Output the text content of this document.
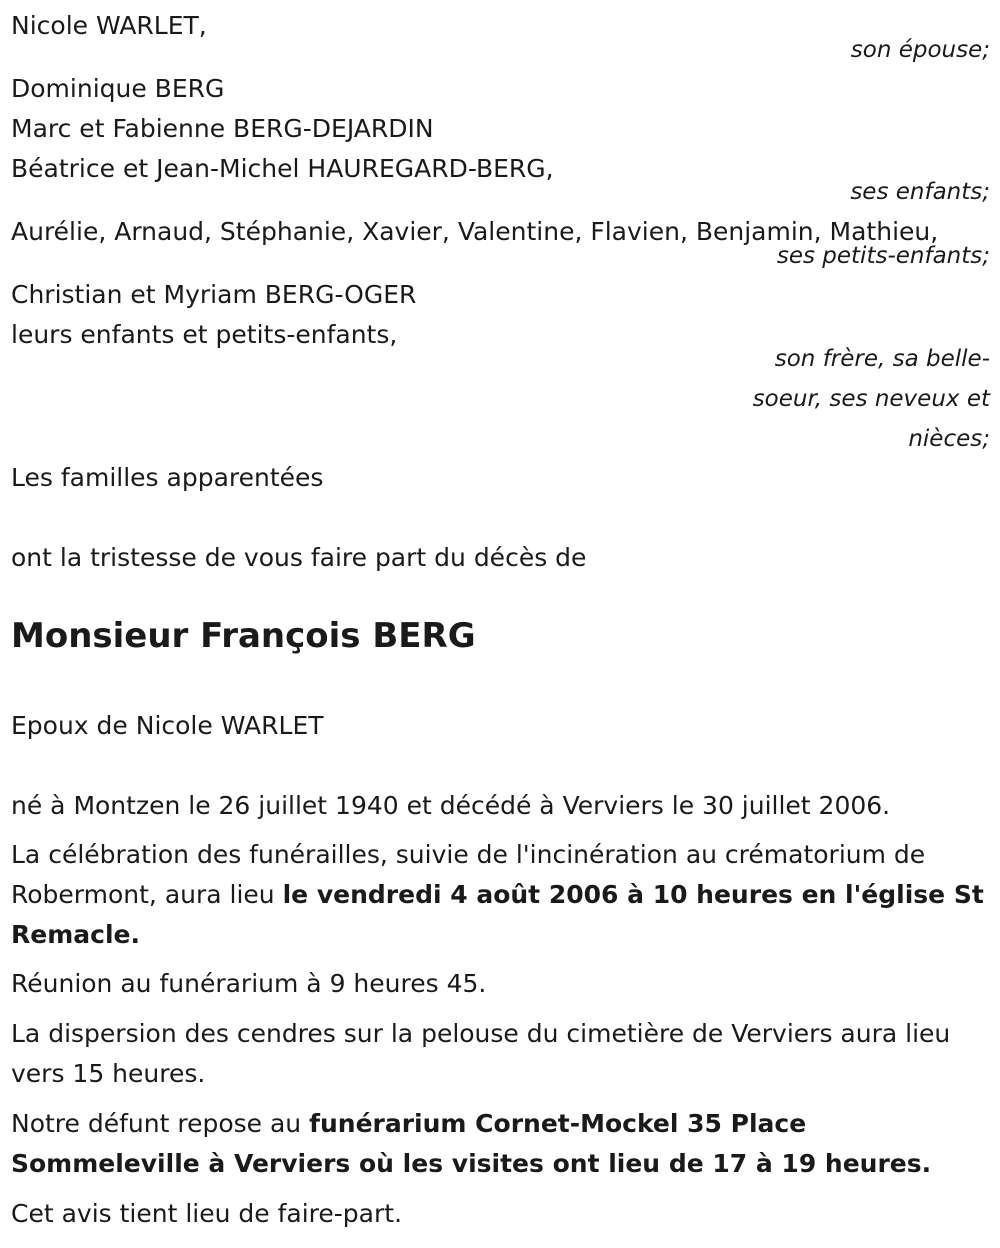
Nicole WARLET,
son épouse;
Dominique BERG
Marc et Fabienne BERG-DEJARDIN
Béatrice et Jean-Michel HAUREGARD-BERG,
ses enfants;
Aurélie, Arnaud, Stéphanie, Xavier, Valentine, Flavien, Benjamin, Mathieu,
ses petits-enfants;
Christian et Myriam BERG-OGER
leurs enfants et petits-enfants,
son frère, sa belle-
soeur, ses neveux et
nièces;
Les familles apparentées
ont la tristesse de vous faire part du décès de
Monsieur François BERG
Epoux de Nicole WARLET
né à Montzen le 26 juillet 1940 et décédé à Verviers le 30 juillet 2006.
La célébration des funérailles, suivie de l'incinération au crématorium de Robermont, aura lieu le vendredi 4 août 2006 à 10 heures en l'église St Remacle.
Réunion au funérarium à 9 heures 45.
La dispersion des cendres sur la pelouse du cimetière de Verviers aura lieu vers 15 heures.
Notre défunt repose au funérarium Cornet-Mockel 35 Place Sommeleville à Verviers où les visites ont lieu de 17 à 19 heures.
Cet avis tient lieu de faire-part.
